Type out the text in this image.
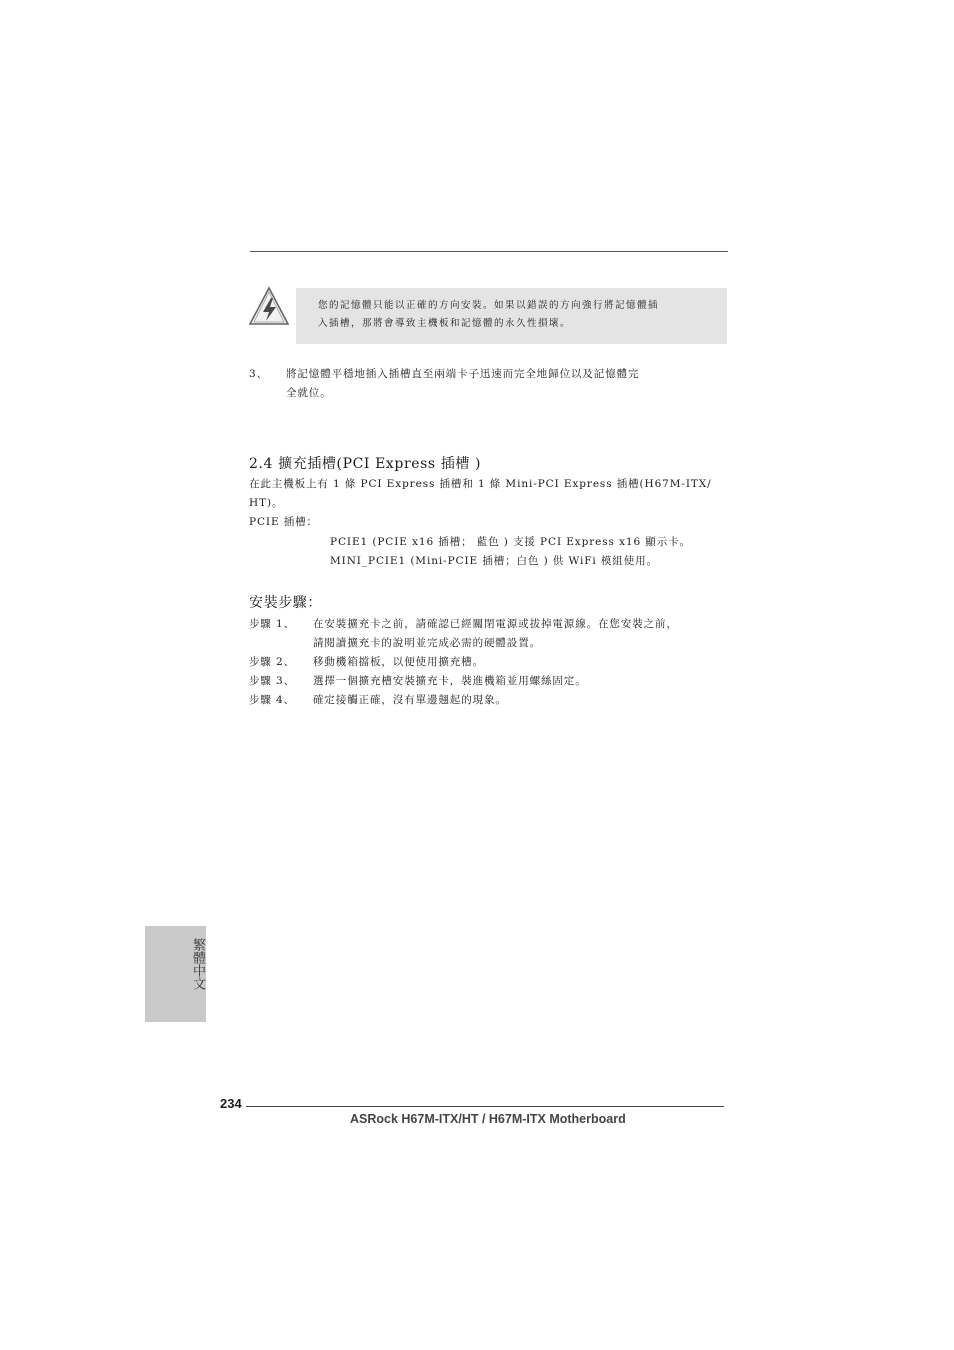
您的記憶體只能以正確的方向安裝。如果以錯誤的方向強行將記憶體插
入插槽，那將會導致主機板和記憶體的永久性損壞。
3、 將記憶體平穩地插入插槽直至兩端卡子迅速而完全地歸位以及記憶體完
全就位。
2.4 擴充插槽(PCI Express 插槽 )
在此主機板上有 1 條 PCI Express 插槽和 1 條 Mini-PCI Express 插槽(H67M-ITX/
HT)。
PCIE 插槽：
PCIE1 (PCIE x16 插槽； 藍色 ) 支援 PCI Express x16 顯示卡。
MINI_PCIE1 (Mini-PCIE 插槽；白色 ) 供 WiFi 模組使用。
安裝步驟：
步驟 1、 在安裝擴充卡之前，請確認已經關閉電源或拔掉電源線。在您安裝之前，
請閱讀擴充卡的說明並完成必需的硬體設置。
步驟 2、 移動機箱擋板，以便使用擴充槽。
步驟 3、 選擇一個擴充槽安裝擴充卡，裝進機箱並用螺絲固定。
步驟 4、 確定接觸正確，沒有單邊翹起的現象。
繁體中文
234
ASRock H67M-ITX/HT / H67M-ITX Motherboard
